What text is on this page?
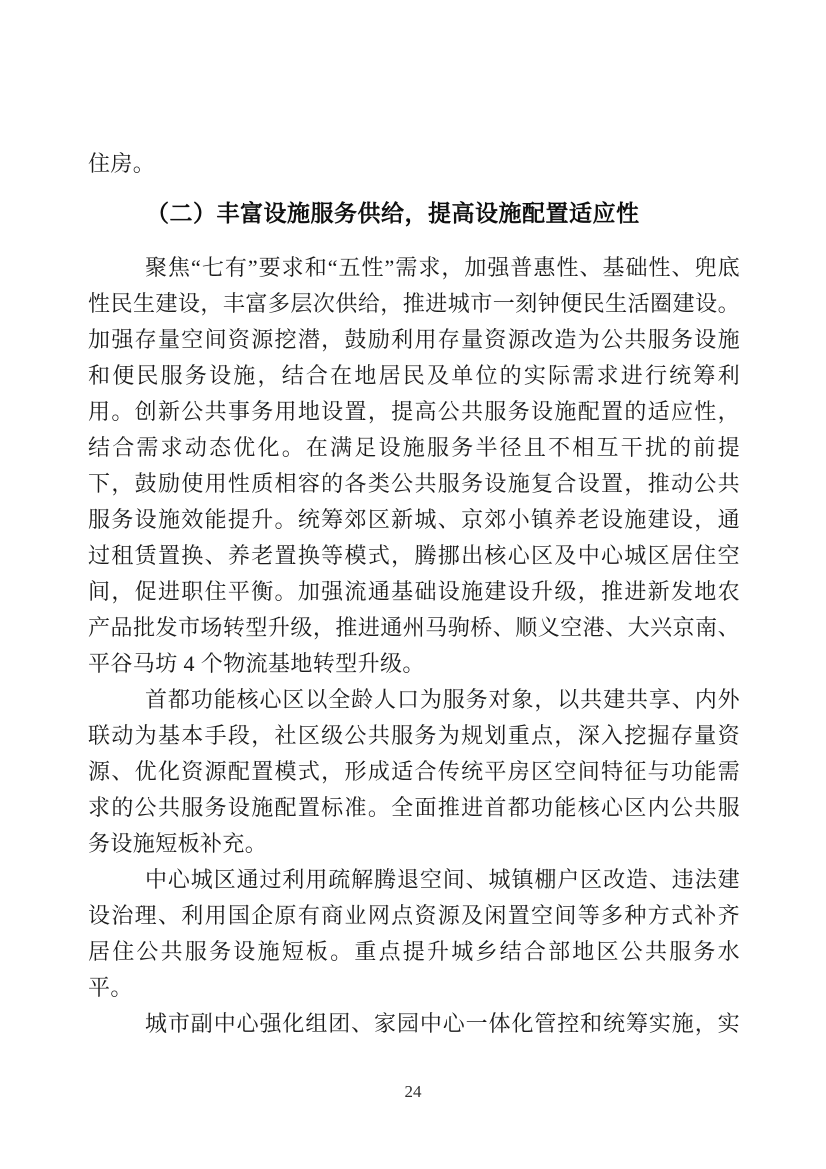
住房。
（二）丰富设施服务供给，提高设施配置适应性
聚焦“七有”要求和“五性”需求，加强普惠性、基础性、兜底
性民生建设，丰富多层次供给，推进城市一刻钟便民生活圈建设。
加强存量空间资源挖潜，鼓励利用存量资源改造为公共服务设施
和便民服务设施，结合在地居民及单位的实际需求进行统筹利
用。创新公共事务用地设置，提高公共服务设施配置的适应性，
结合需求动态优化。在满足设施服务半径且不相互干扰的前提
下，鼓励使用性质相容的各类公共服务设施复合设置，推动公共
服务设施效能提升。统筹郊区新城、京郊小镇养老设施建设，通
过租赁置换、养老置换等模式，腾挪出核心区及中心城区居住空
间，促进职住平衡。加强流通基础设施建设升级，推进新发地农
产品批发市场转型升级，推进通州马驹桥、顺义空港、大兴京南、
平谷马坊 4 个物流基地转型升级。
首都功能核心区以全龄人口为服务对象，以共建共享、内外
联动为基本手段，社区级公共服务为规划重点，深入挖掘存量资
源、优化资源配置模式，形成适合传统平房区空间特征与功能需
求的公共服务设施配置标准。全面推进首都功能核心区内公共服
务设施短板补充。
中心城区通过利用疏解腾退空间、城镇棚户区改造、违法建
设治理、利用国企原有商业网点资源及闲置空间等多种方式补齐
居住公共服务设施短板。重点提升城乡结合部地区公共服务水
平。
城市副中心强化组团、家园中心一体化管控和统筹实施，实
24
